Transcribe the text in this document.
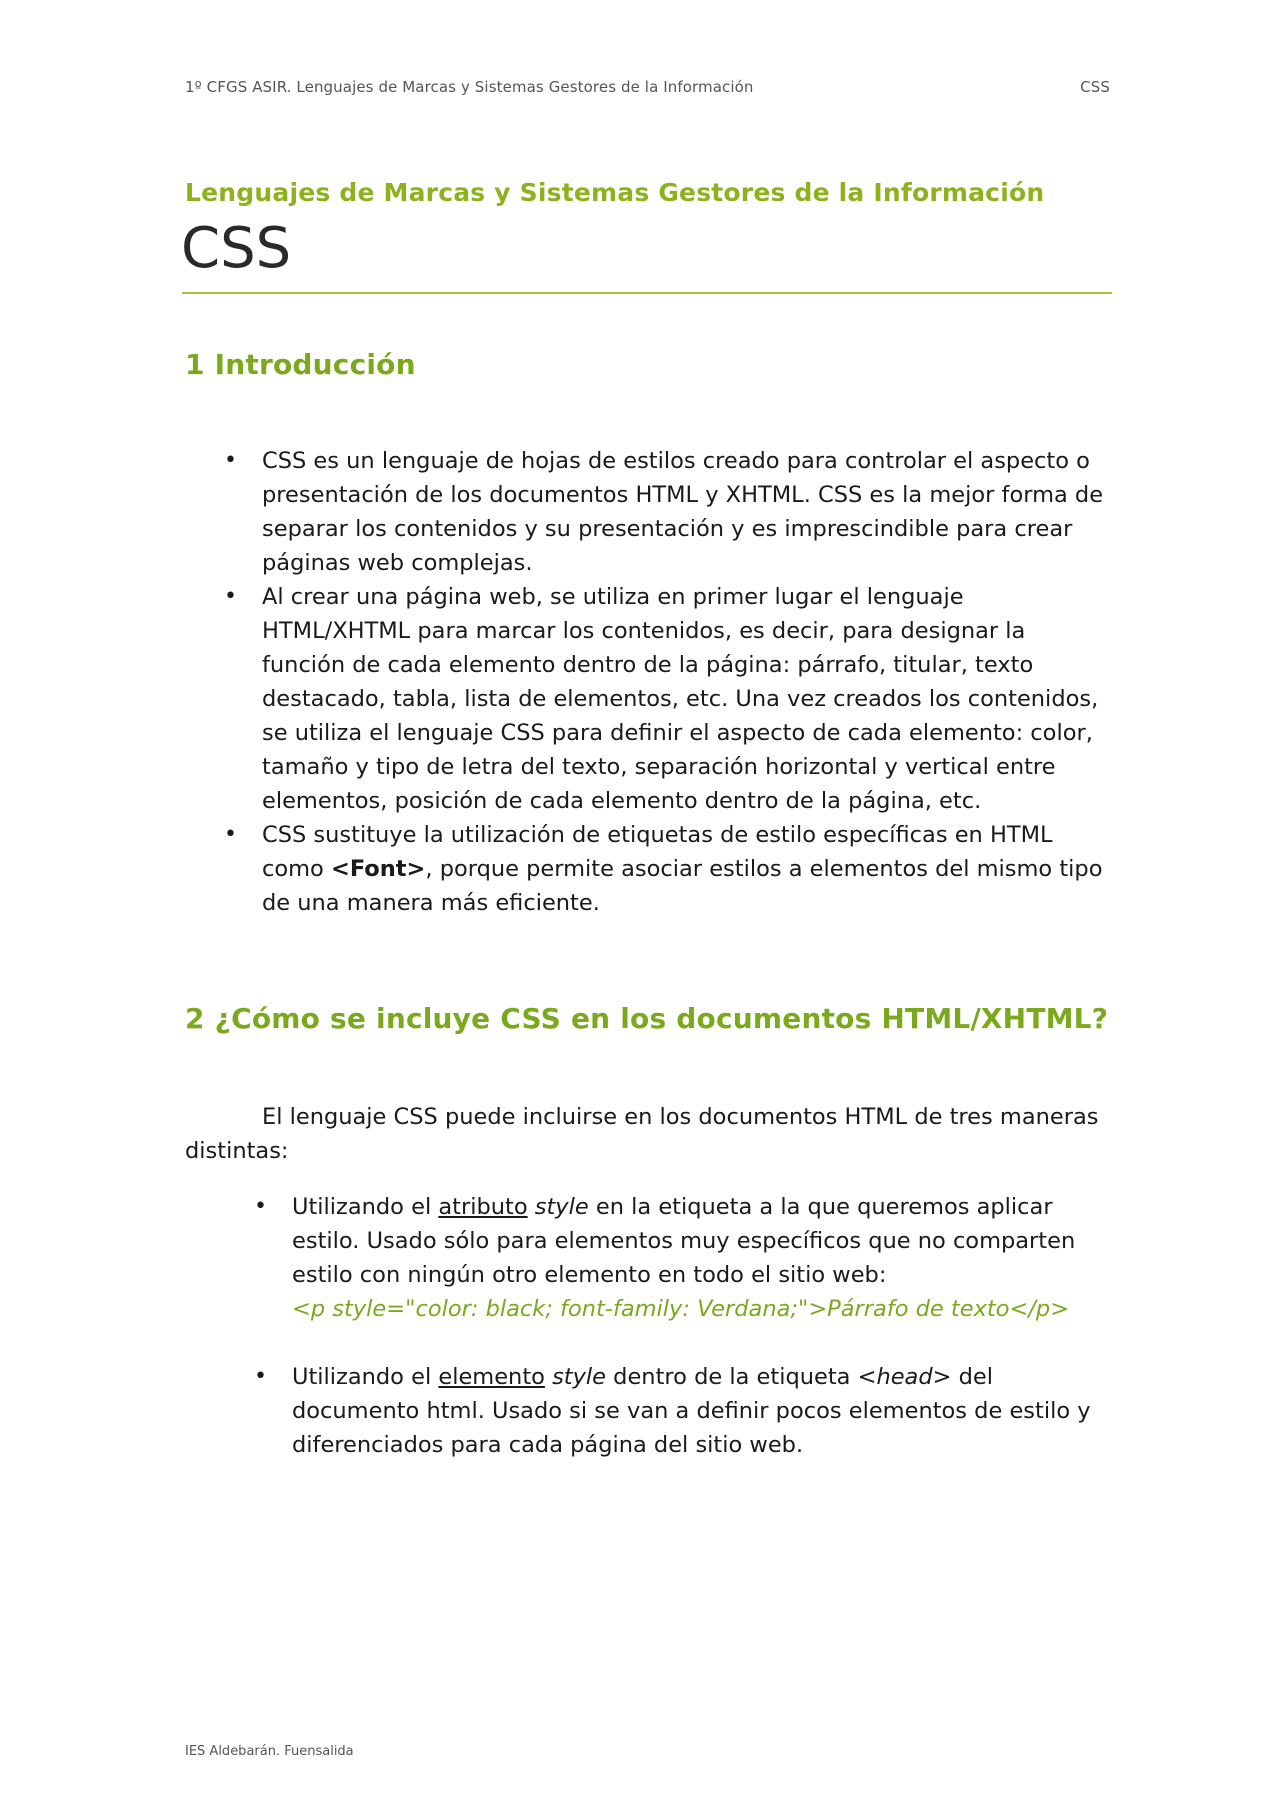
1º CFGS ASIR. Lenguajes de Marcas y Sistemas Gestores de la Información	CSS
Lenguajes de Marcas y Sistemas Gestores de la Información
CSS
1 Introducción
• CSS es un lenguaje de hojas de estilos creado para controlar el aspecto o presentación de los documentos HTML y XHTML. CSS es la mejor forma de separar los contenidos y su presentación y es imprescindible para crear páginas web complejas.
• Al crear una página web, se utiliza en primer lugar el lenguaje HTML/XHTML para marcar los contenidos, es decir, para designar la función de cada elemento dentro de la página: párrafo, titular, texto destacado, tabla, lista de elementos, etc. Una vez creados los contenidos, se utiliza el lenguaje CSS para definir el aspecto de cada elemento: color, tamaño y tipo de letra del texto, separación horizontal y vertical entre elementos, posición de cada elemento dentro de la página, etc.
• CSS sustituye la utilización de etiquetas de estilo específicas en HTML como <Font>, porque permite asociar estilos a elementos del mismo tipo de una manera más eficiente.
2 ¿Cómo se incluye CSS en los documentos HTML/XHTML?

El lenguaje CSS puede incluirse en los documentos HTML de tres maneras distintas:

• Utilizando el atributo style en la etiqueta a la que queremos aplicar estilo. Usado sólo para elementos muy específicos que no comparten estilo con ningún otro elemento en todo el sitio web:
<p style="color: black; font-family: Verdana;">Párrafo de texto</p>
• Utilizando el elemento style dentro de la etiqueta <head> del documento html. Usado si se van a definir pocos elementos de estilo y diferenciados para cada página del sitio web.
IES Aldebarán. Fuensalida
